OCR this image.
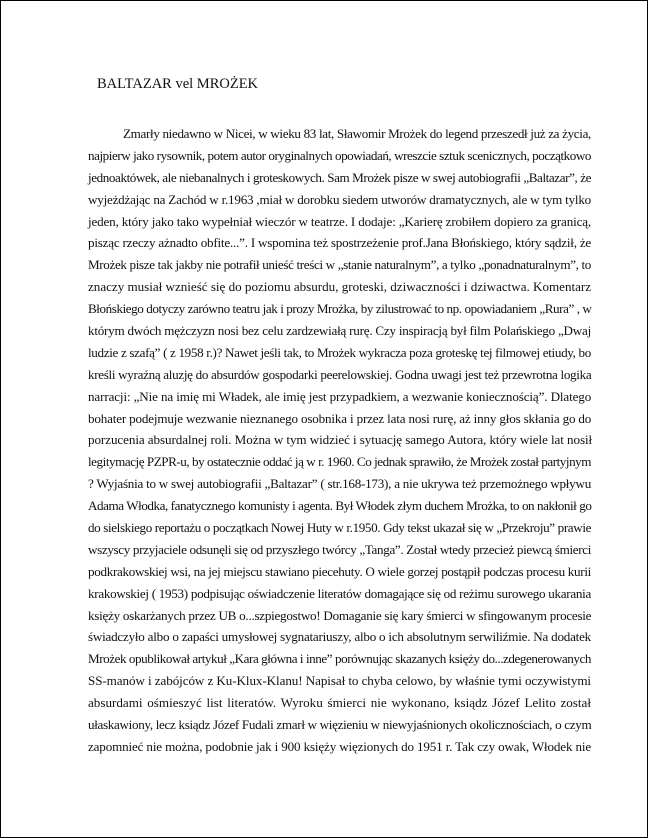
BALTAZAR vel MROŻEK
Zmarły niedawno w Nicei, w wieku 83 lat, Sławomir Mrożek do legend przeszedł już za życia,
najpierw jako rysownik, potem autor oryginalnych opowiadań, wreszcie sztuk scenicznych, początkowo
jednoaktówek, ale niebanalnych i groteskowych. Sam Mrożek pisze w swej autobiografii „Baltazar”, że
wyjeżdżając na Zachód w r.1963 ,miał w dorobku siedem utworów dramatycznych, ale w tym tylko
jeden, który jako tako wypełniał wieczór w teatrze. I dodaje: „Karierę zrobiłem dopiero za granicą,
pisząc rzeczy ażnadto obfite...”. I wspomina też spostrzeżenie prof.Jana Błońskiego, który sądził, że
Mrożek pisze tak jakby nie potrafił unieść treści w „stanie naturalnym”, a tylko „ponadnaturalnym”, to
znaczy musiał wznieść się do poziomu absurdu, groteski, dziwaczności i dziwactwa. Komentarz
Błońskiego dotyczy zarówno teatru jak i prozy Mrożka, by zilustrować to np. opowiadaniem „Rura” , w
którym dwóch mężczyzn nosi bez celu zardzewiałą rurę. Czy inspiracją był film Polańskiego „Dwaj
ludzie z szafą” ( z 1958 r.)? Nawet jeśli tak, to Mrożek wykracza poza groteskę tej filmowej etiudy, bo
kreśli wyraźną aluzję do absurdów gospodarki peerelowskiej. Godna uwagi jest też przewrotna logika
narracji: „Nie na imię mi Władek, ale imię jest przypadkiem, a wezwanie koniecznością”. Dlatego
bohater podejmuje wezwanie nieznanego osobnika i przez lata nosi rurę, aż inny głos skłania go do
porzucenia absurdalnej roli. Można w tym widzieć i sytuację samego Autora, który wiele lat nosił
legitymację PZPR-u, by ostatecznie oddać ją w r. 1960. Co jednak sprawiło, że Mrożek został partyjnym
? Wyjaśnia to w swej autobiografii „Baltazar” ( str.168-173), a nie ukrywa też przemożnego wpływu
Adama Włodka, fanatycznego komunisty i agenta. Był Włodek złym duchem Mrożka, to on nakłonił go
do sielskiego reportażu o początkach Nowej Huty w r.1950. Gdy tekst ukazał się w „Przekroju” prawie
wszyscy przyjaciele odsunęli się od przyszłego twórcy „Tanga”. Został wtedy przecież piewcą śmierci
podkrakowskiej wsi, na jej miejscu stawiano piecehuty. O wiele gorzej postąpił podczas procesu kurii
krakowskiej ( 1953) podpisując oświadczenie literatów domagające się od reżimu surowego ukarania
księży oskarżanych przez UB o...szpiegostwo! Domaganie się kary śmierci w sfingowanym procesie
świadczyło albo o zapaści umysłowej sygnatariuszy, albo o ich absolutnym serwiliźmie. Na dodatek
Mrożek opublikował artykuł „Kara główna i inne” porównując skazanych księży do...zdegenerowanych
SS-manów i zabójców z Ku-Klux-Klanu! Napisał to chyba celowo, by właśnie tymi oczywistymi
absurdami ośmieszyć list literatów. Wyroku śmierci nie wykonano, ksiądz Józef Lelito został
ułaskawiony, lecz ksiądz Józef Fudali zmarł w więzieniu w niewyjaśnionych okolicznościach, o czym
zapomnieć nie można, podobnie jak i 900 księży więzionych do 1951 r. Tak czy owak, Włodek nie
